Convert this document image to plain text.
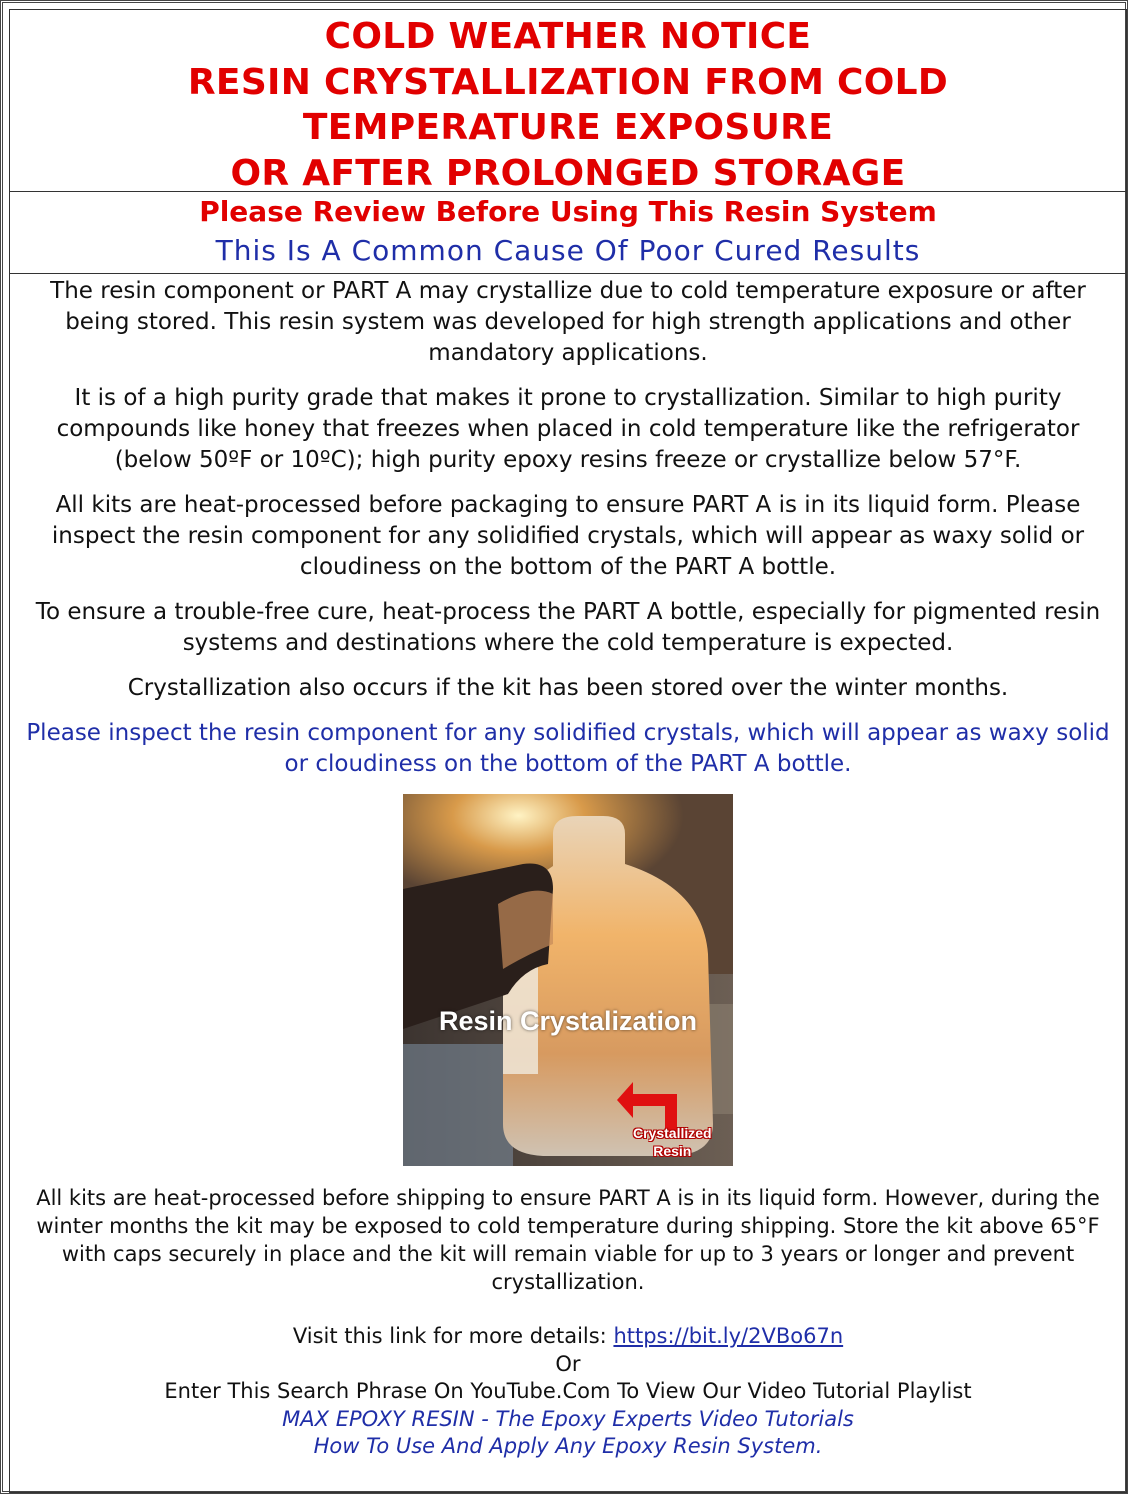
COLD WEATHER NOTICE
RESIN CRYSTALLIZATION FROM COLD
TEMPERATURE EXPOSURE
OR AFTER PROLONGED STORAGE
Please Review Before Using This Resin System
This Is A Common Cause Of Poor Cured Results

The resin component or PART A may crystallize due to cold temperature exposure or after being stored. This resin system was developed for high strength applications and other mandatory applications.

It is of a high purity grade that makes it prone to crystallization. Similar to high purity compounds like honey that freezes when placed in cold temperature like the refrigerator (below 50ºF or 10ºC); high purity epoxy resins freeze or crystallize below 57°F.

All kits are heat-processed before packaging to ensure PART A is in its liquid form. Please inspect the resin component for any solidified crystals, which will appear as waxy solid or cloudiness on the bottom of the PART A bottle.

To ensure a trouble-free cure, heat-process the PART A bottle, especially for pigmented resin systems and destinations where the cold temperature is expected.

Crystallization also occurs if the kit has been stored over the winter months.

Please inspect the resin component for any solidified crystals, which will appear as waxy solid or cloudiness on the bottom of the PART A bottle.

Resin Crystalization
Crystallized
Resin

All kits are heat-processed before shipping to ensure PART A is in its liquid form. However, during the winter months the kit may be exposed to cold temperature during shipping. Store the kit above 65°F with caps securely in place and the kit will remain viable for up to 3 years or longer and prevent crystallization.

Visit this link for more details: https://bit.ly/2VBo67n
Or
Enter This Search Phrase On YouTube.Com To View Our Video Tutorial Playlist
MAX EPOXY RESIN - The Epoxy Experts Video Tutorials
How To Use And Apply Any Epoxy Resin System.
